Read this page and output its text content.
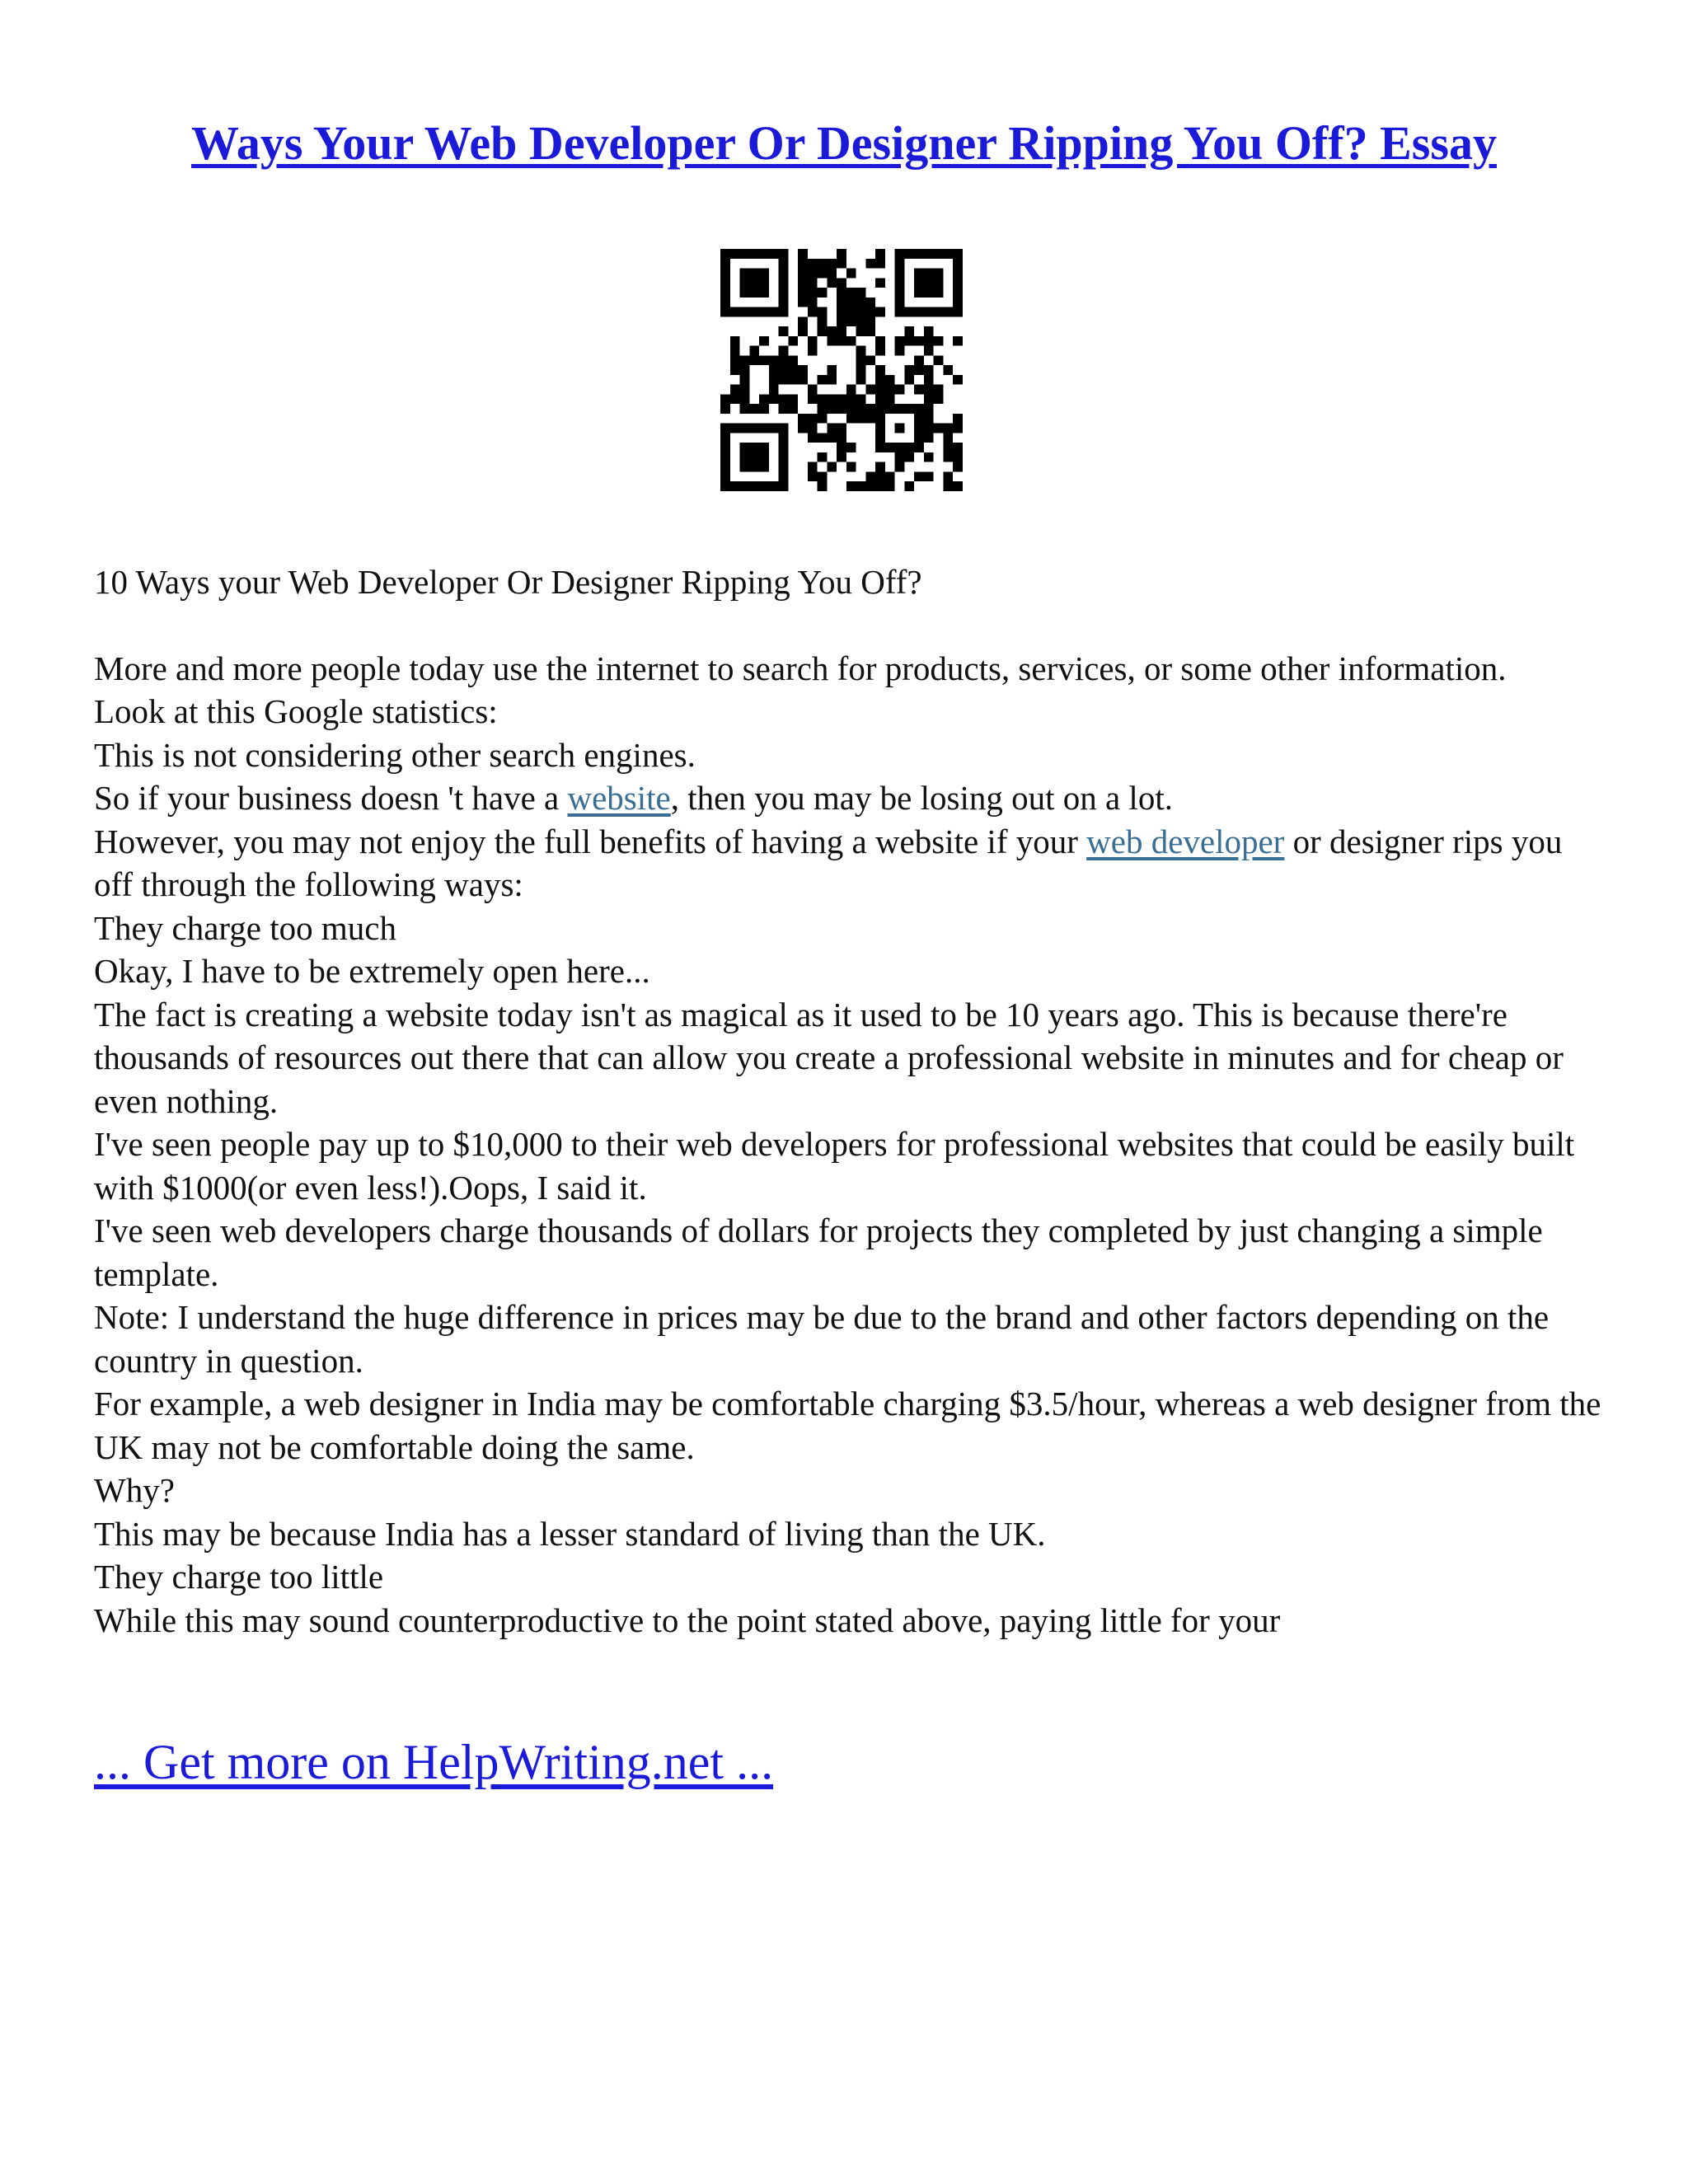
Ways Your Web Developer Or Designer Ripping You Off? Essay

10 Ways your Web Developer Or Designer Ripping You Off?

More and more people today use the internet to search for products, services, or some other information.

Look at this Google statistics:

This is not considering other search engines.

So if your business doesn 't have a website, then you may be losing out on a lot.

However, you may not enjoy the full benefits of having a website if your web developer or designer rips you off through the following ways:

They charge too much

Okay, I have to be extremely open here...

The fact is creating a website today isn't as magical as it used to be 10 years ago. This is because there're thousands of resources out there that can allow you create a professional website in minutes and for cheap or even nothing.

I've seen people pay up to $10,000 to their web developers for professional websites that could be easily built with $1000(or even less!).Oops, I said it.

I've seen web developers charge thousands of dollars for projects they completed by just changing a simple template.

Note: I understand the huge difference in prices may be due to the brand and other factors depending on the country in question.

For example, a web designer in India may be comfortable charging $3.5/hour, whereas a web designer from the UK may not be comfortable doing the same.

Why?

This may be because India has a lesser standard of living than the UK.

They charge too little

While this may sound counterproductive to the point stated above, paying little for your

... Get more on HelpWriting.net ...
